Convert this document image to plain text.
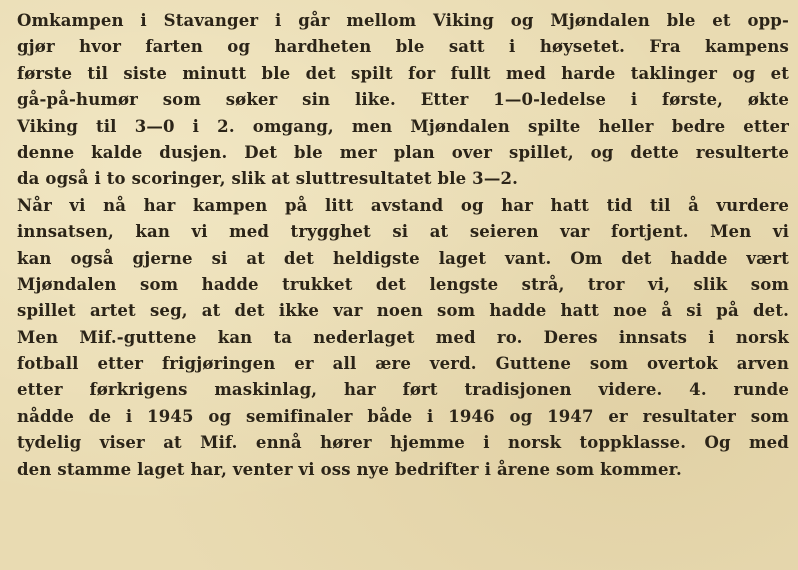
Omkampen i Stavanger i går mellom Viking og Mjøndalen ble et opp-
gjør hvor farten og hardheten ble satt i høysetet. Fra kampens
første til siste minutt ble det spilt for fullt med harde taklinger og et
gå-på-humør som søker sin like. Etter 1—0-ledelse i første, økte
Viking til 3—0 i 2. omgang, men Mjøndalen spilte heller bedre etter
denne kalde dusjen. Det ble mer plan over spillet, og dette resulterte
da også i to scoringer, slik at sluttresultatet ble 3—2.
Når vi nå har kampen på litt avstand og har hatt tid til å vurdere
innsatsen, kan vi med trygghet si at seieren var fortjent. Men vi
kan også gjerne si at det heldigste laget vant. Om det hadde vært
Mjøndalen som hadde trukket det lengste strå, tror vi, slik som
spillet artet seg, at det ikke var noen som hadde hatt noe å si på det.
Men Mif.-guttene kan ta nederlaget med ro. Deres innsats i norsk
fotball etter frigjøringen er all ære verd. Guttene som overtok arven
etter førkrigens maskinlag, har ført tradisjonen videre. 4. runde
nådde de i 1945 og semifinaler både i 1946 og 1947 er resultater som
tydelig viser at Mif. ennå hører hjemme i norsk toppklasse. Og med
den stamme laget har, venter vi oss nye bedrifter i årene som kommer.
